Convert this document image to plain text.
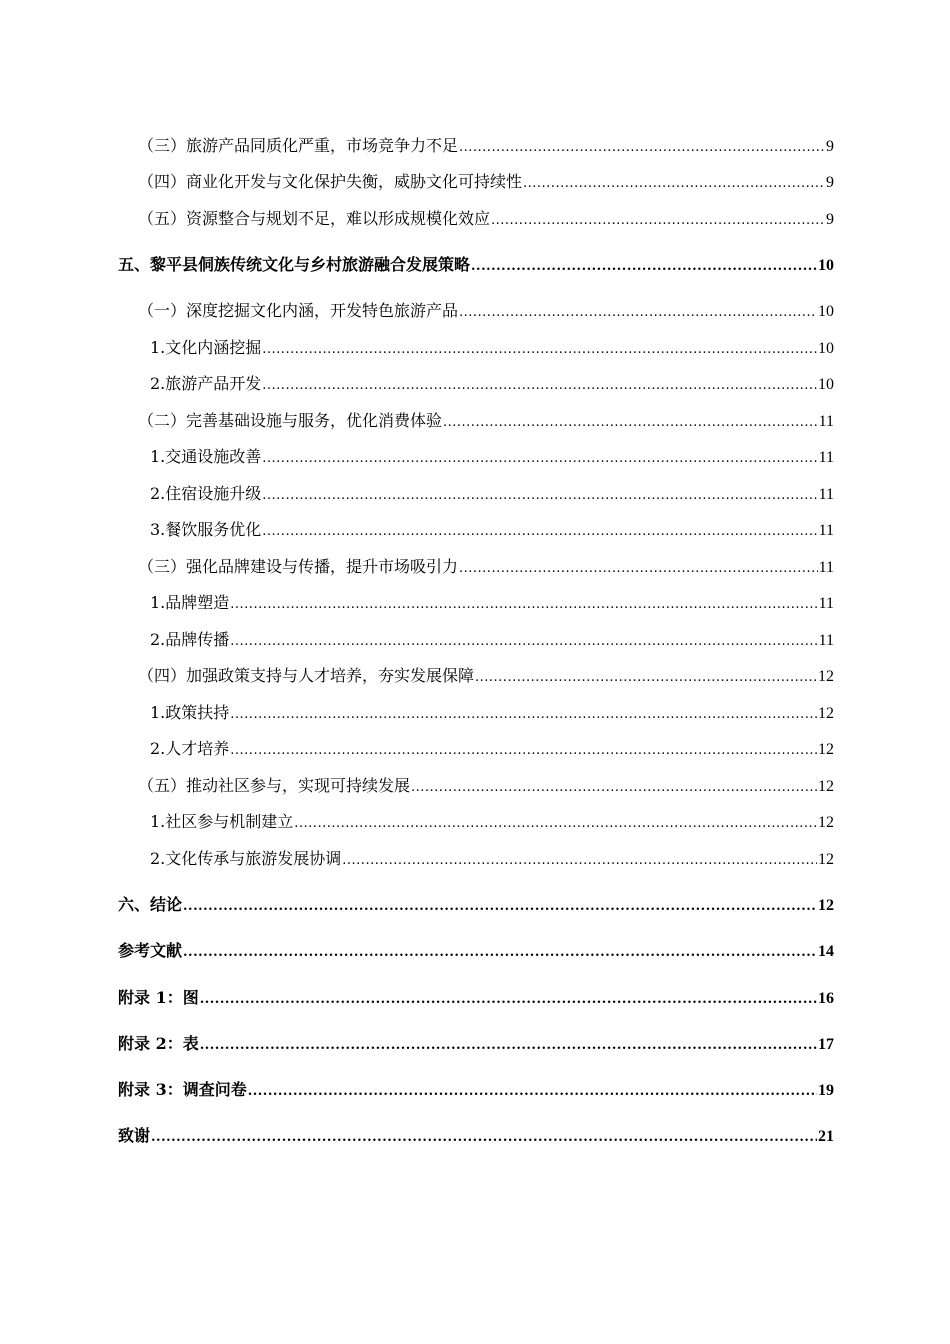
（三）旅游产品同质化严重，市场竞争力不足 .....	9
（四）商业化开发与文化保护失衡，威胁文化可持续性 .....	9
（五）资源整合与规划不足，难以形成规模化效应 .....	9
五、黎平县侗族传统文化与乡村旅游融合发展策略 .....	10
（一）深度挖掘文化内涵，开发特色旅游产品 .....	10
1.文化内涵挖掘 .....	10
2.旅游产品开发 .....	10
（二）完善基础设施与服务，优化消费体验 .....	11
1.交通设施改善 .....	11
2.住宿设施升级 .....	11
3.餐饮服务优化 .....	11
（三）强化品牌建设与传播，提升市场吸引力 .....	11
1.品牌塑造 .....	11
2.品牌传播 .....	11
（四）加强政策支持与人才培养，夯实发展保障 .....	12
1.政策扶持 .....	12
2.人才培养 .....	12
（五）推动社区参与，实现可持续发展 .....	12
1.社区参与机制建立 .....	12
2.文化传承与旅游发展协调 .....	12
六、结论 .....	12
参考文献 .....	14
附录 1：图 .....	16
附录 2：表 .....	17
附录 3：调查问卷 .....	19
致谢 .....	21
